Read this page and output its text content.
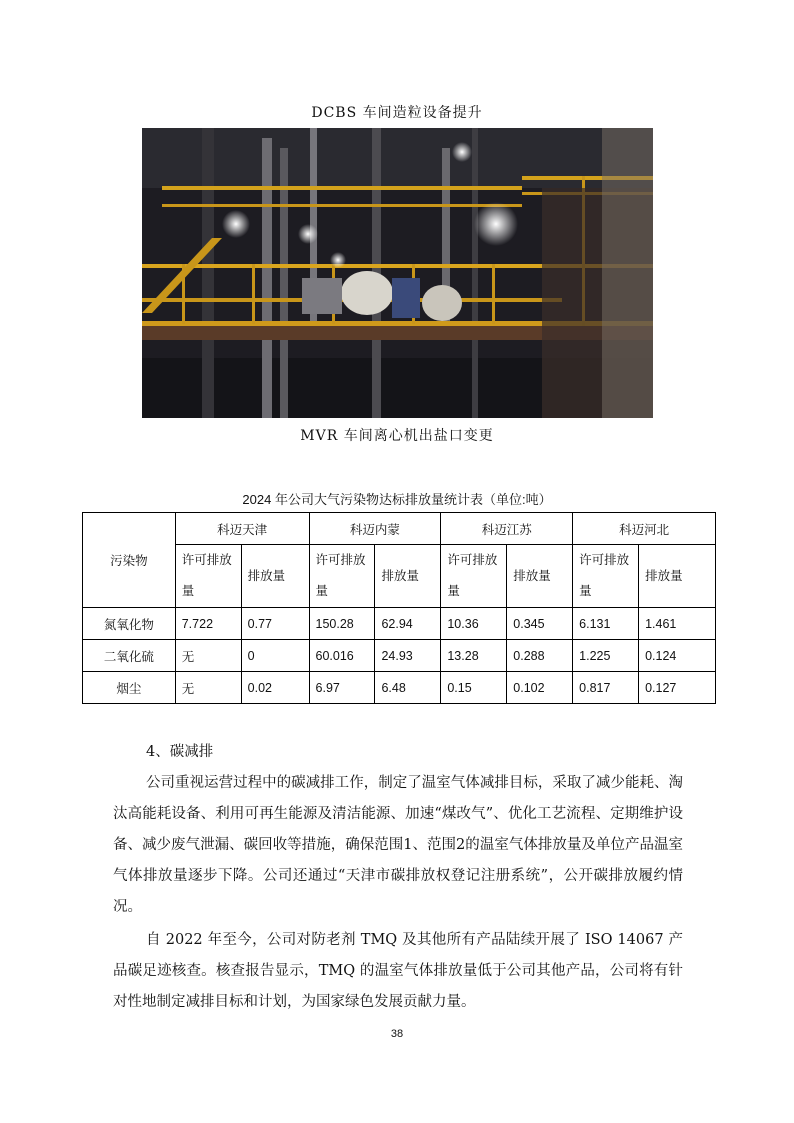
DCBS 车间造粒设备提升
MVR 车间离心机出盐口变更
2024 年公司大气污染物达标排放量统计表（单位:吨）
污染物	科迈天津		科迈内蒙		科迈江苏		科迈河北	
	许可排放量	排放量	许可排放量	排放量	许可排放量	排放量	许可排放量	排放量
氮氧化物	7.722	0.77	150.28	62.94	10.36	0.345	6.131	1.461
二氧化硫	无	0	60.016	24.93	13.28	0.288	1.225	0.124
烟尘	无	0.02	6.97	6.48	0.15	0.102	0.817	0.127
4、碳减排
公司重视运营过程中的碳减排工作，制定了温室气体减排目标，采取了减少能耗、淘汰高能耗设备、利用可再生能源及清洁能源、加速“煤改气”、优化工艺流程、定期维护设备、减少废气泄漏、碳回收等措施，确保范围1、范围2的温室气体排放量及单位产品温室气体排放量逐步下降。公司还通过“天津市碳排放权登记注册系统”，公开碳排放履约情况。
自 2022 年至今，公司对防老剂 TMQ 及其他所有产品陆续开展了 ISO 14067 产品碳足迹核查。核查报告显示，TMQ 的温室气体排放量低于公司其他产品，公司将有针对性地制定减排目标和计划，为国家绿色发展贡献力量。
38
